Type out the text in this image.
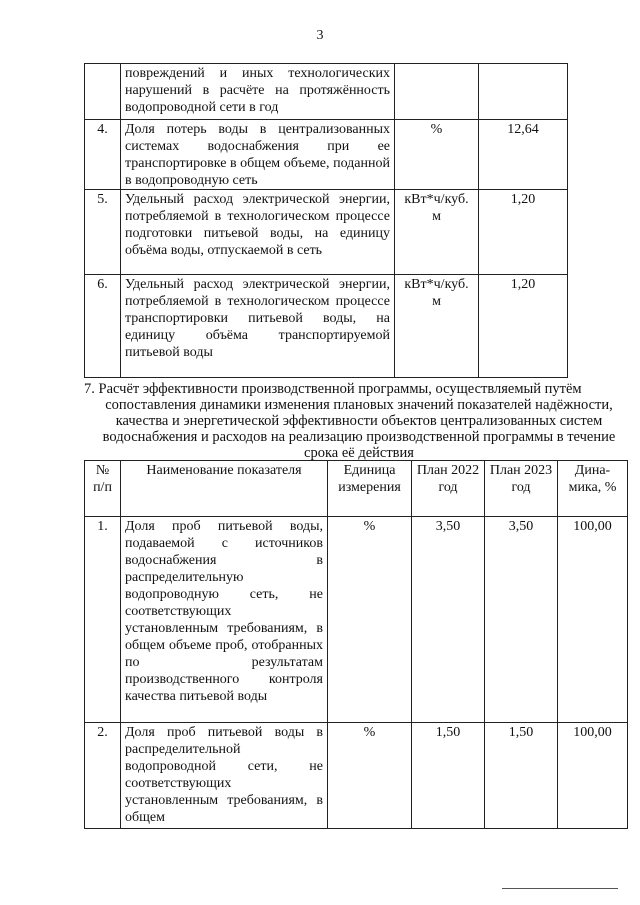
3
	повреждений и иных технологических нарушений в расчёте на протяжённость водопроводной сети в год		
4.	Доля потерь воды в централизованных системах водоснабжения при ее транспортировке в общем объеме, поданной в водопроводную сеть	%	12,64
5.	Удельный расход электрической энергии, потребляемой в технологическом процессе подготовки питьевой воды, на единицу объёма воды, отпускаемой в сеть	кВт*ч/куб. м	1,20
6.	Удельный расход электрической энергии, потребляемой в технологическом процессе транспортировки питьевой воды, на единицу объёма транспортируемой питьевой воды	кВт*ч/куб. м	1,20
7. Расчёт эффективности производственной программы, осуществляемый путём
сопоставления динамики изменения плановых значений показателей надёжности, качества и энергетической эффективности объектов централизованных систем водоснабжения и расходов на реализацию производственной программы в течение срока её действия
№ п/п	Наименование показателя	Единица измерения	План 2022 год	План 2023 год	Дина-мика, %
1.	Доля проб питьевой воды, подаваемой с источников водоснабжения в распределительную водопроводную сеть, не соответствующих установленным требованиям, в общем объеме проб, отобранных по результатам производственного контроля качества питьевой воды	%	3,50	3,50	100,00
2.	Доля проб питьевой воды в распределительной водопроводной сети, не соответствующих установленным требованиям, в общем	%	1,50	1,50	100,00
